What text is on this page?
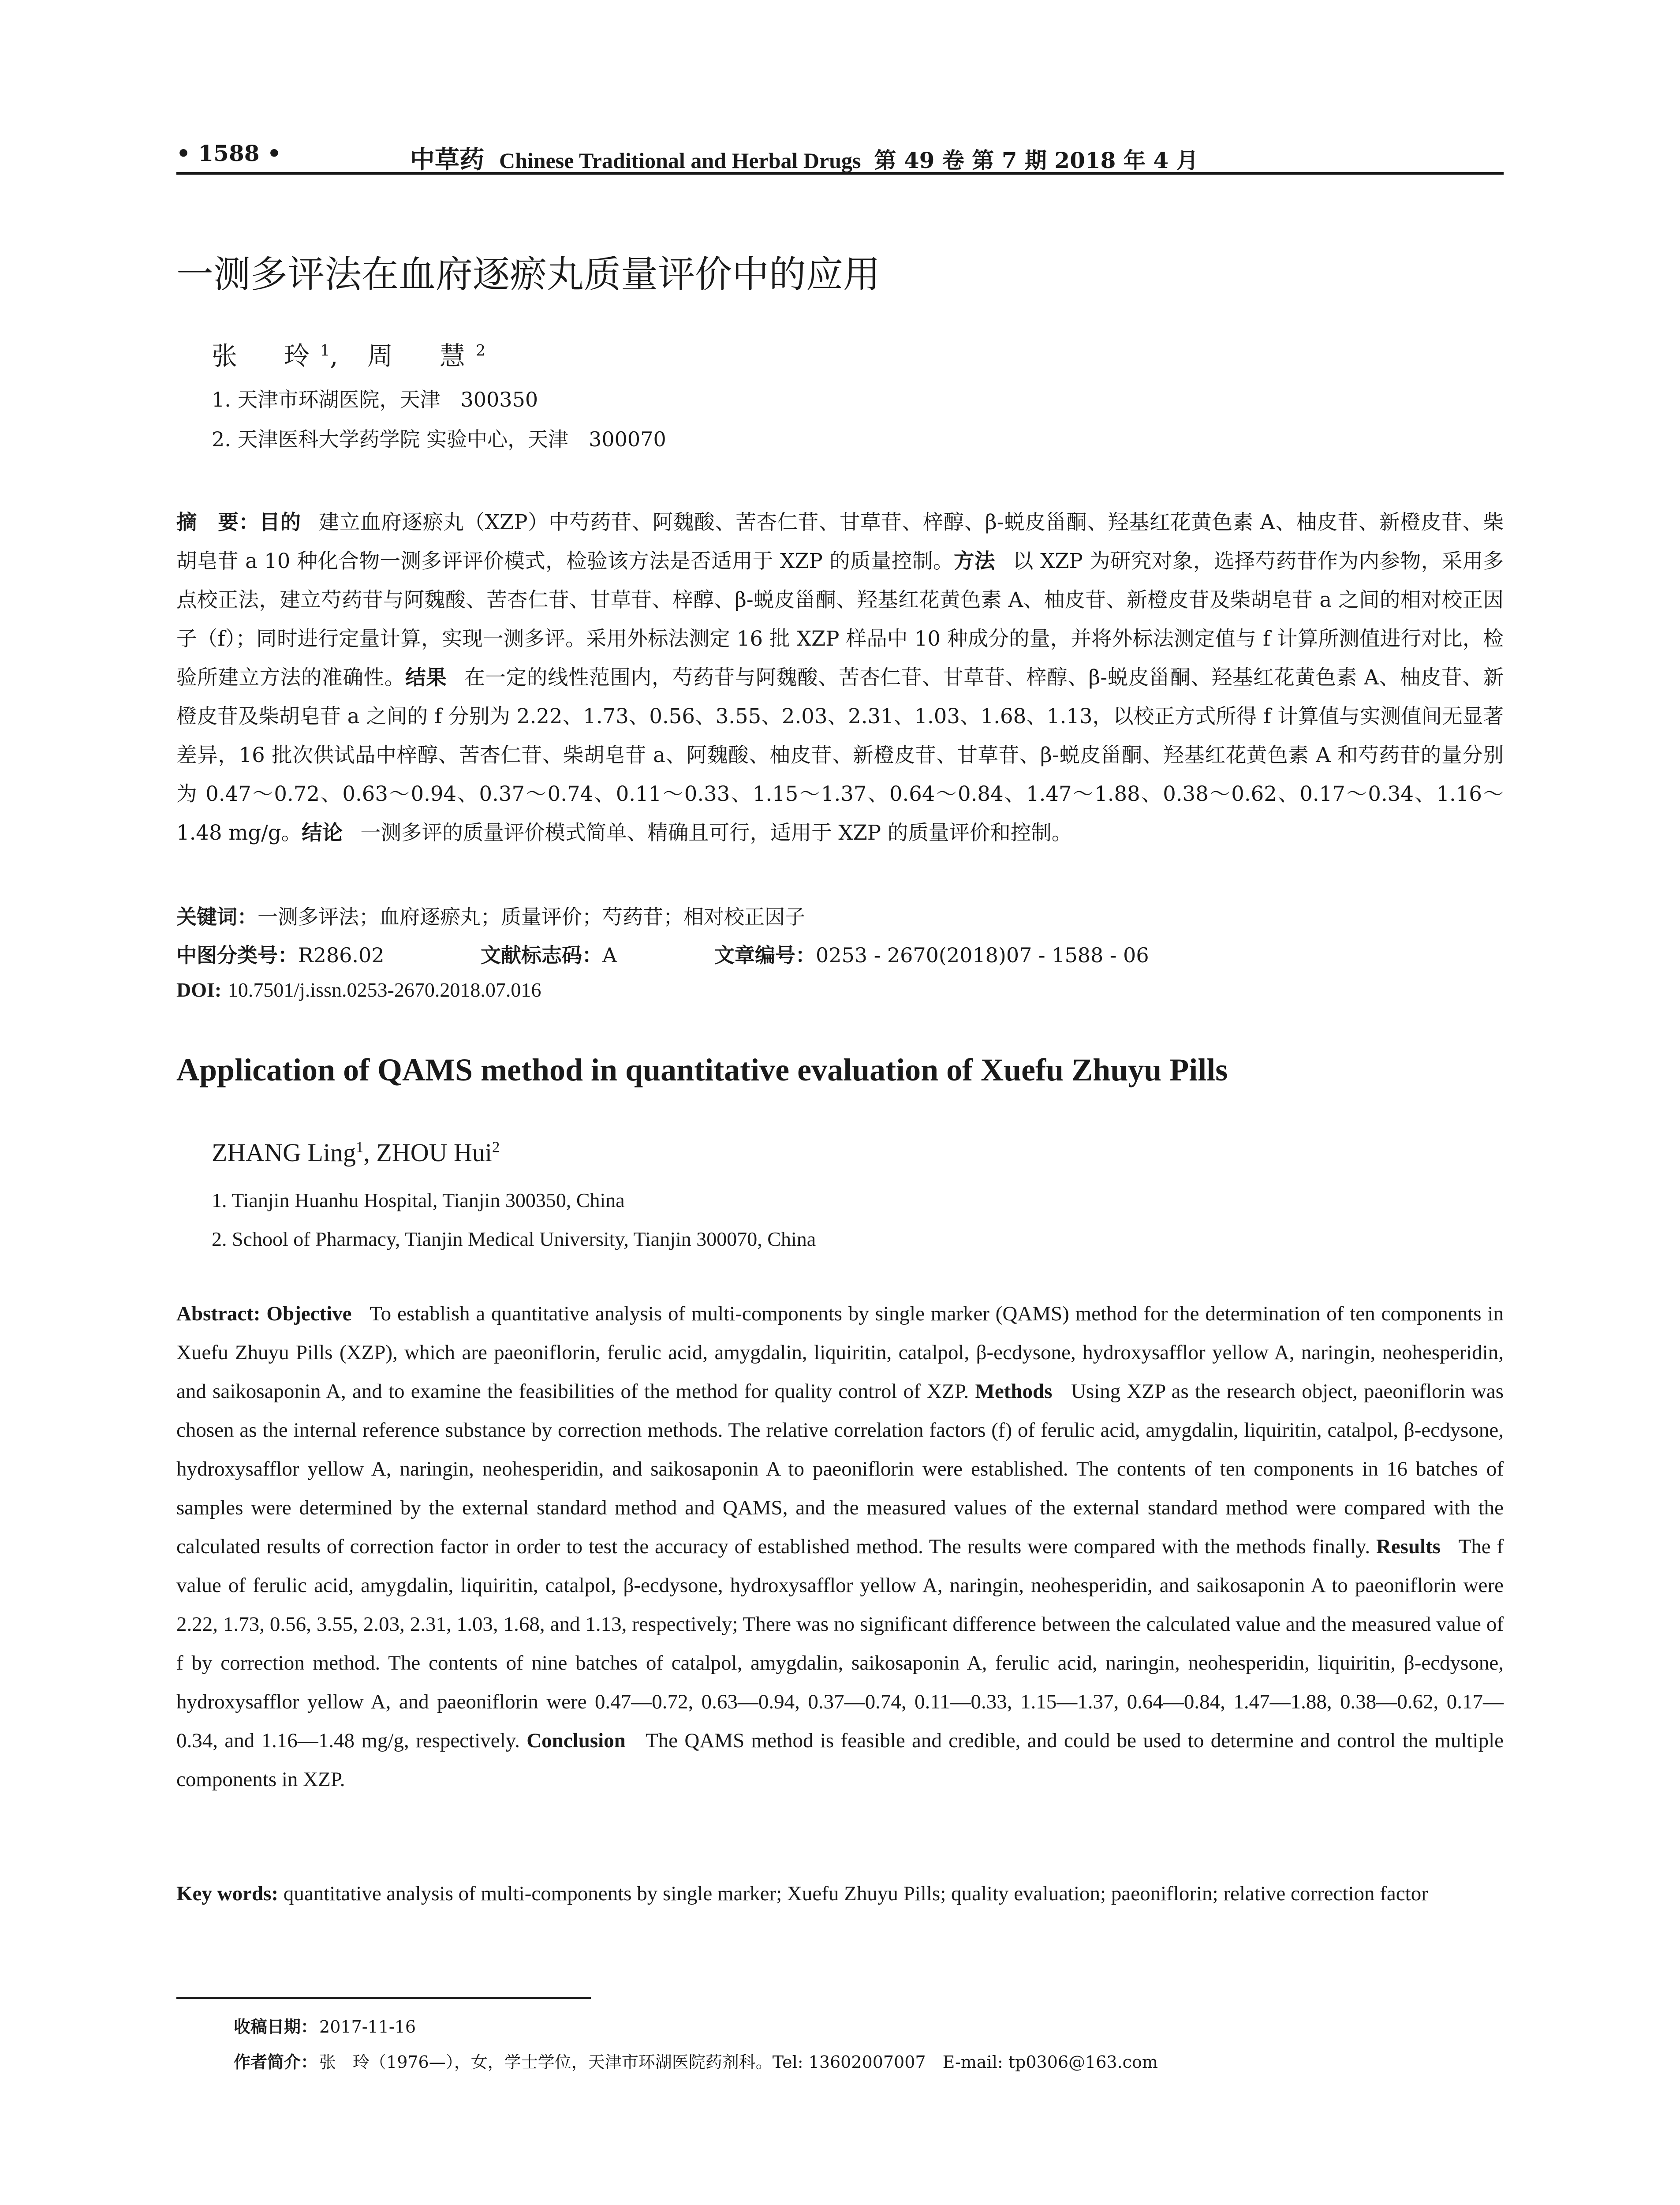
• 1588 •	中草药 Chinese Traditional and Herbal Drugs 第 49 卷 第 7 期 2018 年 4 月
一测多评法在血府逐瘀丸质量评价中的应用
张　玲$^1$, 周　慧$^2$
1. 天津市环湖医院，天津　300350
2. 天津医科大学药学院 实验中心，天津　300070

摘　要：目的 建立血府逐瘀丸（XZP）中芍药苷、阿魏酸、苦杏仁苷、甘草苷、梓醇、β-蜕皮甾酮、羟基红花黄色素 A、柚皮苷、新橙皮苷、柴胡皂苷 a 10 种化合物一测多评评价模式，检验该方法是否适用于 XZP 的质量控制。方法 以 XZP 为研究对象，选择芍药苷作为内参物，采用多点校正法，建立芍药苷与阿魏酸、苦杏仁苷、甘草苷、梓醇、β-蜕皮甾酮、羟基红花黄色素 A、柚皮苷、新橙皮苷及柴胡皂苷 a 之间的相对校正因子（f）；同时进行定量计算，实现一测多评。采用外标法测定 16 批 XZP 样品中 10 种成分的量，并将外标法测定值与 f 计算所测值进行对比，检验所建立方法的准确性。结果 在一定的线性范围内，芍药苷与阿魏酸、苦杏仁苷、甘草苷、梓醇、β-蜕皮甾酮、羟基红花黄色素 A、柚皮苷、新橙皮苷及柴胡皂苷 a 之间的 f 分别为 2.22、1.73、0.56、3.55、2.03、2.31、1.03、1.68、1.13，以校正方式所得 f 计算值与实测值间无显著差异，16 批次供试品中梓醇、苦杏仁苷、柴胡皂苷 a、阿魏酸、柚皮苷、新橙皮苷、甘草苷、β-蜕皮甾酮、羟基红花黄色素 A 和芍药苷的量分别为 0.47～0.72、0.63～0.94、0.37～0.74、0.11～0.33、1.15～1.37、0.64～0.84、1.47～1.88、0.38～0.62、0.17～0.34、1.16～1.48 mg/g。结论 一测多评的质量评价模式简单、精确且可行，适用于 XZP 的质量评价和控制。

关键词：一测多评法；血府逐瘀丸；质量评价；芍药苷；相对校正因子
中图分类号：R286.02	文献标志码：A	文章编号：0253 - 2670(2018)07 - 1588 - 06
DOI: 10.7501/j.issn.0253-2670.2018.07.016
Application of QAMS method in quantitative evaluation of Xuefu Zhuyu Pills
ZHANG Ling$^1$, ZHOU Hui$^2$
1. Tianjin Huanhu Hospital, Tianjin 300350, China
2. School of Pharmacy, Tianjin Medical University, Tianjin 300070, China

Abstract: Objective To establish a quantitative analysis of multi-components by single marker (QAMS) method for the determination of ten components in Xuefu Zhuyu Pills (XZP), which are paeoniflorin, ferulic acid, amygdalin, liquiritin, catalpol, β-ecdysone, hydroxysafflor yellow A, naringin, neohesperidin, and saikosaponin A, and to examine the feasibilities of the method for quality control of XZP. Methods Using XZP as the research object, paeoniflorin was chosen as the internal reference substance by correction methods. The relative correlation factors (f) of ferulic acid, amygdalin, liquiritin, catalpol, β-ecdysone, hydroxysafflor yellow A, naringin, neohesperidin, and saikosaponin A to paeoniflorin were established. The contents of ten components in 16 batches of samples were determined by the external standard method and QAMS, and the measured values of the external standard method were compared with the calculated results of correction factor in order to test the accuracy of established method. The results were compared with the methods finally. Results The f value of ferulic acid, amygdalin, liquiritin, catalpol, β-ecdysone, hydroxysafflor yellow A, naringin, neohesperidin, and saikosaponin A to paeoniflorin were 2.22, 1.73, 0.56, 3.55, 2.03, 2.31, 1.03, 1.68, and 1.13, respectively; There was no significant difference between the calculated value and the measured value of f by correction method. The contents of nine batches of catalpol, amygdalin, saikosaponin A, ferulic acid, naringin, neohesperidin, liquiritin, β-ecdysone, hydroxysafflor yellow A, and paeoniflorin were 0.47—0.72, 0.63—0.94, 0.37—0.74, 0.11—0.33, 1.15—1.37, 0.64—0.84, 1.47—1.88, 0.38—0.62, 0.17—0.34, and 1.16—1.48 mg/g, respectively. Conclusion The QAMS method is feasible and credible, and could be used to determine and control the multiple components in XZP.

Key words: quantitative analysis of multi-components by single marker; Xuefu Zhuyu Pills; quality evaluation; paeoniflorin; relative correction factor

收稿日期： 2017-11-16
作者简介： 张　玲（1976—），女，学士学位，天津市环湖医院药剂科。Tel: 13602007007　E-mail: tp0306@163.com
